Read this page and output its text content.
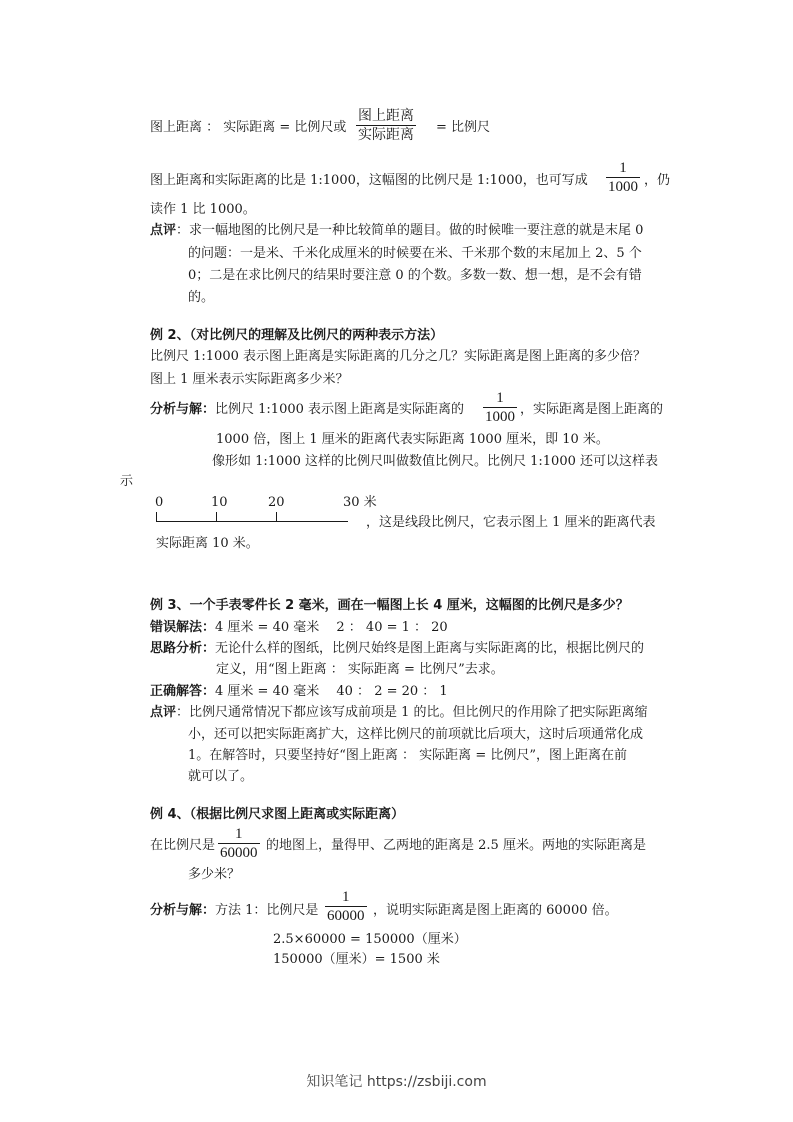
图上距离 ： 实际距离 = 比例尺或
图上距离
实际距离 = 比例尺
图上距离和实际距离的比是 1:1000，这幅图的比例尺是 1:1000，也可写成
1
1000 ，仍
读作 1 比 1000。
点评：求一幅地图的比例尺是一种比较简单的题目。做的时候唯一要注意的就是末尾 0
的问题：一是米、千米化成厘米的时候要在米、千米那个数的末尾加上 2、5 个
0；二是在求比例尺的结果时要注意 0 的个数。多数一数、想一想，是不会有错
的。
例 2、（对比例尺的理解及比例尺的两种表示方法）
比例尺 1:1000 表示图上距离是实际距离的几分之几？实际距离是图上距离的多少倍？
图上 1 厘米表示实际距离多少米？
分析与解：比例尺 1:1000 表示图上距离是实际距离的
1
1000 ，实际距离是图上距离的
1000 倍，图上 1 厘米的距离代表实际距离 1000 厘米，即 10 米。
像形如 1:1000 这样的比例尺叫做数值比例尺。比例尺 1:1000 还可以这样表
示
0	10	20	30 米
，这是线段比例尺，它表示图上 1 厘米的距离代表
实际距离 10 米。
例 3、一个手表零件长 2 毫米，画在一幅图上长 4 厘米，这幅图的比例尺是多少？
错误解法：4 厘米 = 40 毫米　 2 ： 40 = 1 ： 20
思路分析：无论什么样的图纸，比例尺始终是图上距离与实际距离的比，根据比例尺的
定义，用“图上距离 ： 实际距离 = 比例尺”去求。
正确解答：4 厘米 = 40 毫米　 40 ： 2 = 20 ： 1
点评：比例尺通常情况下都应该写成前项是 1 的比。但比例尺的作用除了把实际距离缩
小，还可以把实际距离扩大，这样比例尺的前项就比后项大，这时后项通常化成
1。在解答时，只要坚持好“图上距离 ： 实际距离 = 比例尺”，图上距离在前
就可以了。
例 4、（根据比例尺求图上距离或实际距离）
在比例尺是
1
60000 的地图上，量得甲、乙两地的距离是 2.5 厘米。两地的实际距离是
多少米？
分析与解：方法 1：比例尺是
1
60000 ，说明实际距离是图上距离的 60000 倍。
2.5×60000 = 150000（厘米）
150000（厘米）= 1500 米
知识笔记 https://zsbiji.com
